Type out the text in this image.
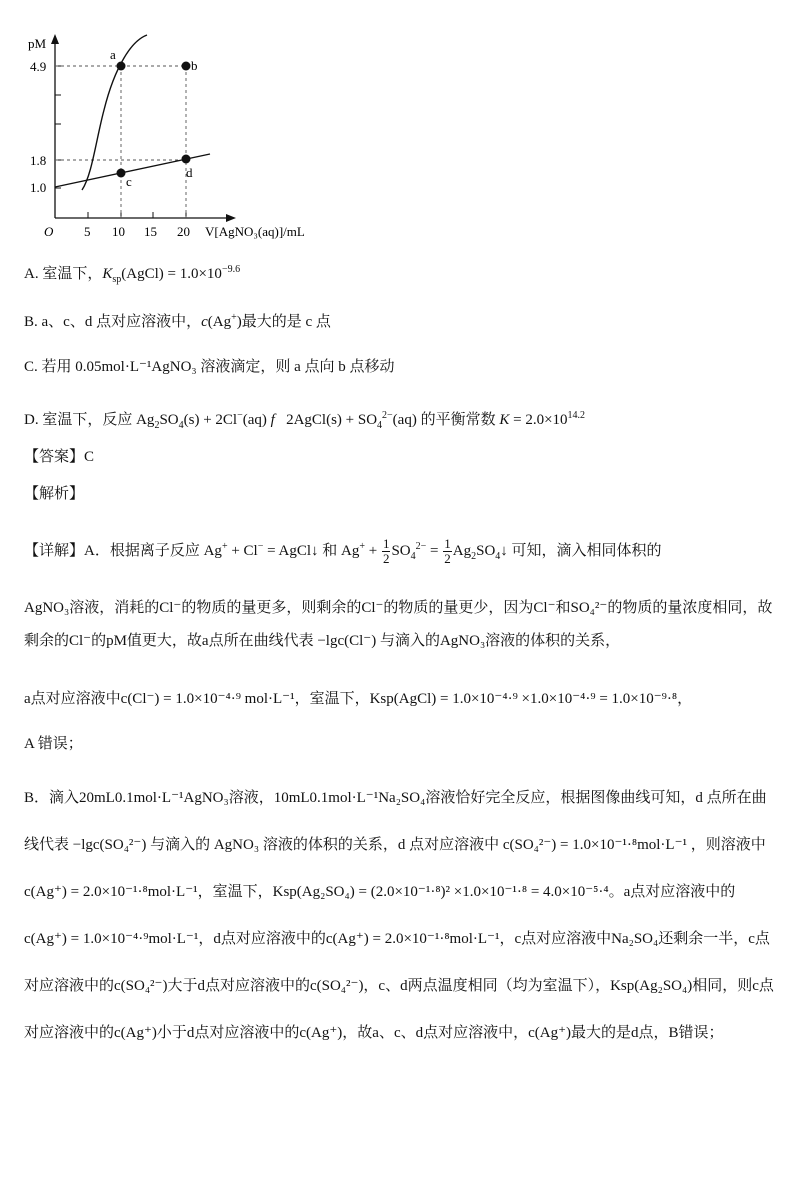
pM
O	V[AgNO₃(aq)]/mL
5 10 15 20
4.9
1.8
1.0
a
b
c
d
A. 室温下，$K_{sp}(AgCl) = 1.0\times 10^{-9.6}$
B. a、c、d 点对应溶液中，c(Ag+)最大的是 c 点
C. 若用 0.05mol·L⁻¹AgNO₃ 溶液滴定，则 a 点向 b 点移动
D. 室温下，反应 $Ag_2SO_4(s) + 2Cl^-(aq)$ f   2AgCl(s) + $SO_4^{2-}(aq)$ 的平衡常数 $K = 2.0\times 10^{14.2}$
【答案】C
【解析】
【详解】A．根据离子反应 Ag+ + Cl− = AgCl↓ 和 $Ag^+ + \frac{1}{2} SO_4^{2-} = \frac{1}{2}$ $Ag_2SO_4↓$ 可知，滴入相同体积的
AgNO₃溶液，消耗的Cl⁻的物质的量更多，则剩余的Cl⁻的物质的量更少，因为Cl⁻和SO₄²⁻的物质的量浓度相同，故剩余的Cl⁻的pM值更大，故a点所在曲线代表 −lgc(Cl⁻) 与滴入的AgNO₃溶液的体积的关系，
a点对应溶液中c(Cl⁻) = 1.0×10⁻⁴·⁹ mol·L⁻¹，室温下，Ksp(AgCl) = 1.0×10⁻⁴·⁹ ×1.0×10⁻⁴·⁹ = 1.0×10⁻⁹·⁸，
A 错误；
B．滴入20mL0.1mol·L⁻¹AgNO₃溶液，10mL0.1mol·L⁻¹Na₂SO₄溶液恰好完全反应，根据图像曲线可知，d 点所在曲线代表 −lgc(SO₄²⁻) 与滴入的 AgNO₃ 溶液的体积的关系，d 点对应溶液中 c(SO₄²⁻) = 1.0×10⁻¹·⁸mol·L⁻¹ ，则溶液中 c(Ag⁺) = 2.0×10⁻¹·⁸mol·L⁻¹，室温下，Ksp(Ag₂SO₄) = (2.0×10⁻¹·⁸)² ×1.0×10⁻¹·⁸ = 4.0×10⁻⁵·⁴。a点对应溶液中的c(Ag⁺) = 1.0×10⁻⁴·⁹mol·L⁻¹，d点对应溶液中的c(Ag⁺) = 2.0×10⁻¹·⁸mol·L⁻¹，c点对应溶液中Na₂SO₄还剩余一半，c点对应溶液中的c(SO₄²⁻)大于d点对应溶液中的c(SO₄²⁻)，c、d两点温度相同（均为室温下），Ksp(Ag₂SO₄)相同，则c点对应溶液中的c(Ag⁺)小于d点对应溶液中的c(Ag⁺)，故a、c、d点对应溶液中，c(Ag⁺)最大的是d点，B错误；
